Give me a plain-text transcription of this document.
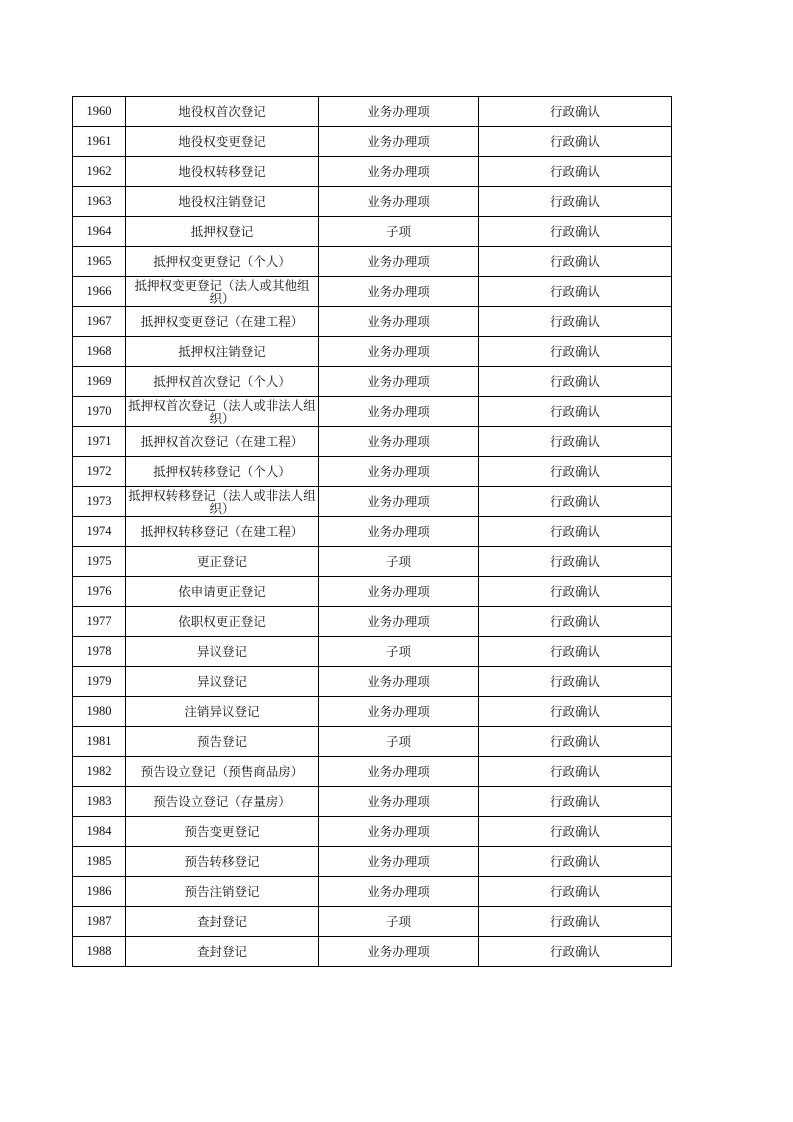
1960	地役权首次登记	业务办理项	行政确认
1961	地役权变更登记	业务办理项	行政确认
1962	地役权转移登记	业务办理项	行政确认
1963	地役权注销登记	业务办理项	行政确认
1964	抵押权登记	子项	行政确认
1965	抵押权变更登记（个人）	业务办理项	行政确认
1966	抵押权变更登记（法人或其他组织）	业务办理项	行政确认
1967	抵押权变更登记（在建工程）	业务办理项	行政确认
1968	抵押权注销登记	业务办理项	行政确认
1969	抵押权首次登记（个人）	业务办理项	行政确认
1970	抵押权首次登记（法人或非法人组织）	业务办理项	行政确认
1971	抵押权首次登记（在建工程）	业务办理项	行政确认
1972	抵押权转移登记（个人）	业务办理项	行政确认
1973	抵押权转移登记（法人或非法人组织）	业务办理项	行政确认
1974	抵押权转移登记（在建工程）	业务办理项	行政确认
1975	更正登记	子项	行政确认
1976	依申请更正登记	业务办理项	行政确认
1977	依职权更正登记	业务办理项	行政确认
1978	异议登记	子项	行政确认
1979	异议登记	业务办理项	行政确认
1980	注销异议登记	业务办理项	行政确认
1981	预告登记	子项	行政确认
1982	预告设立登记（预售商品房）	业务办理项	行政确认
1983	预告设立登记（存量房）	业务办理项	行政确认
1984	预告变更登记	业务办理项	行政确认
1985	预告转移登记	业务办理项	行政确认
1986	预告注销登记	业务办理项	行政确认
1987	查封登记	子项	行政确认
1988	查封登记	业务办理项	行政确认
